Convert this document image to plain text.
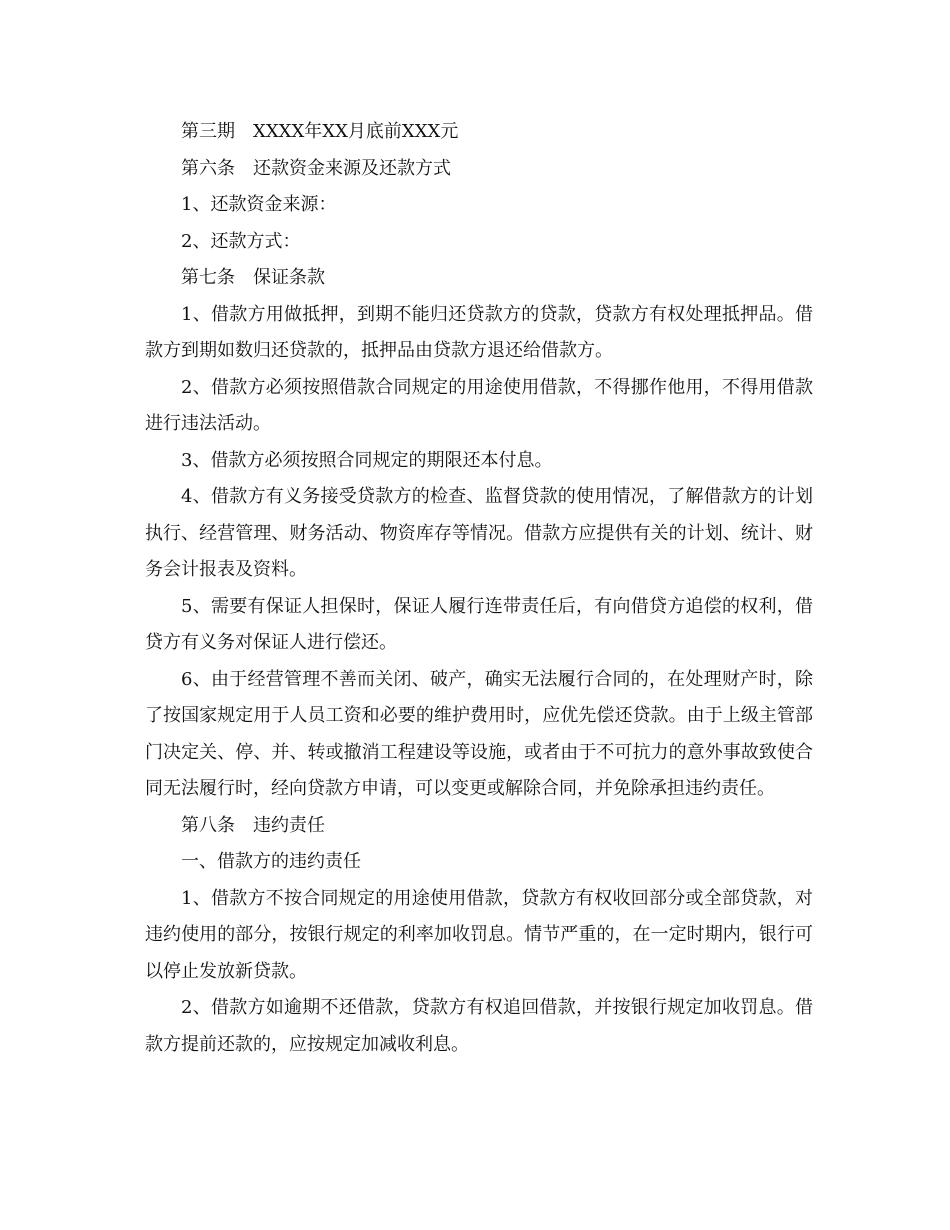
第三期　XXXX年XX月底前XXX元

第六条　还款资金来源及还款方式

1、还款资金来源：

2、还款方式：

第七条　保证条款

1、借款方用做抵押，到期不能归还贷款方的贷款，贷款方有权处理抵押品。借款方到期如数归还贷款的，抵押品由贷款方退还给借款方。

2、借款方必须按照借款合同规定的用途使用借款，不得挪作他用，不得用借款进行违法活动。

3、借款方必须按照合同规定的期限还本付息。

4、借款方有义务接受贷款方的检查、监督贷款的使用情况，了解借款方的计划执行、经营管理、财务活动、物资库存等情况。借款方应提供有关的计划、统计、财务会计报表及资料。

5、需要有保证人担保时，保证人履行连带责任后，有向借贷方追偿的权利，借贷方有义务对保证人进行偿还。

6、由于经营管理不善而关闭、破产，确实无法履行合同的，在处理财产时，除了按国家规定用于人员工资和必要的维护费用时，应优先偿还贷款。由于上级主管部门决定关、停、并、转或撤消工程建设等设施，或者由于不可抗力的意外事故致使合同无法履行时，经向贷款方申请，可以变更或解除合同，并免除承担违约责任。

第八条　违约责任

一、借款方的违约责任

1、借款方不按合同规定的用途使用借款，贷款方有权收回部分或全部贷款，对违约使用的部分，按银行规定的利率加收罚息。情节严重的，在一定时期内，银行可以停止发放新贷款。

2、借款方如逾期不还借款，贷款方有权追回借款，并按银行规定加收罚息。借款方提前还款的，应按规定加减收利息。
